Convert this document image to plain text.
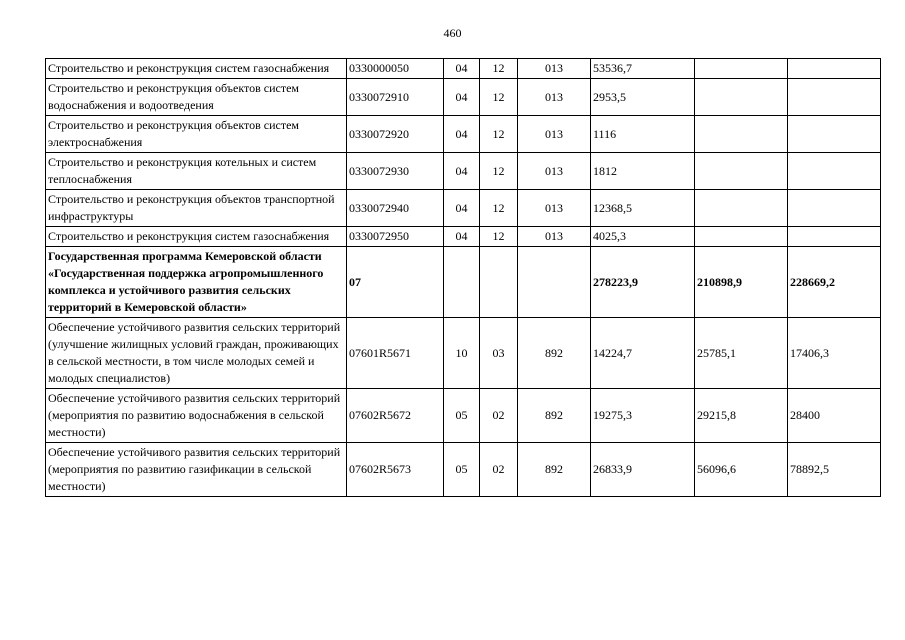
460
Строительство и реконструкция систем газоснабжения	0330000050	04	12	013	53536,7		
Строительство и реконструкция объектов систем водоснабжения и водоотведения	0330072910	04	12	013	2953,5		
Строительство и реконструкция объектов систем электроснабжения	0330072920	04	12	013	1116		
Строительство и реконструкция котельных и систем теплоснабжения	0330072930	04	12	013	1812		
Строительство и реконструкция объектов транспортной инфраструктуры	0330072940	04	12	013	12368,5		
Строительство и реконструкция систем газоснабжения	0330072950	04	12	013	4025,3		
Государственная программа Кемеровской области «Государственная поддержка агропромышленного комплекса и устойчивого развития сельских территорий в Кемеровской области»	07				278223,9	210898,9	228669,2
Обеспечение устойчивого развития сельских территорий (улучшение жилищных условий граждан, проживающих в сельской местности, в том числе молодых семей и молодых специалистов)	07601R5671	10	03	892	14224,7	25785,1	17406,3
Обеспечение устойчивого развития сельских территорий (мероприятия по развитию водоснабжения в сельской местности)	07602R5672	05	02	892	19275,3	29215,8	28400
Обеспечение устойчивого развития сельских территорий (мероприятия по развитию газификации в сельской местности)	07602R5673	05	02	892	26833,9	56096,6	78892,5
